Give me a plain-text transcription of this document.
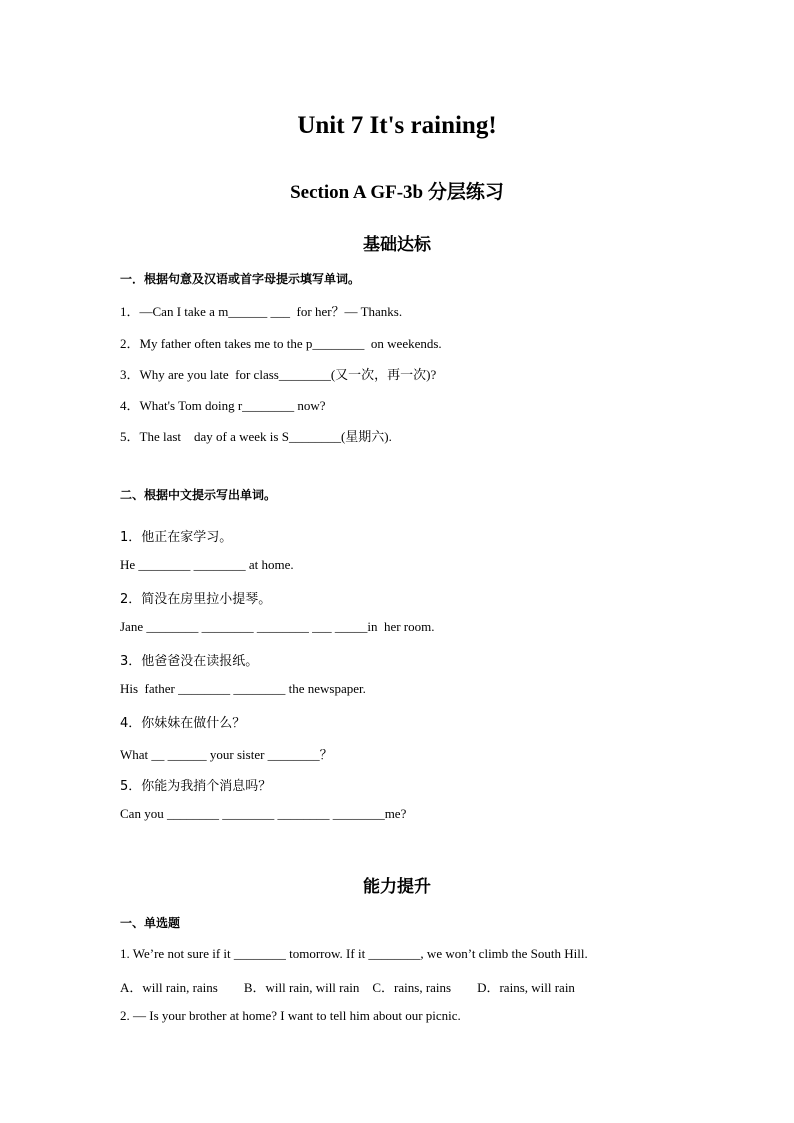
Unit 7 It's raining!
Section A GF-3b 分层练习
基础达标
一．根据句意及汉语或首字母提示填写单词。
1．—Can I take a m______ ___  for her？— Thanks.
2．My father often takes me to the p________  on weekends.
3．Why are you late  for class________(又一次，再一次)?
4．What's Tom doing r________ now?
5．The last    day of a week is S________(星期六).
二、根据中文提示写出单词。
1．他正在家学习。
He ________ ________ at home.
2．简没在房里拉小提琴。
Jane ________ ________ ________ ___ _____in  her room.
3．他爸爸没在读报纸。
His  father ________ ________ the newspaper.
4．你妹妹在做什么？
What __ ______ your sister ________？
5．你能为我捎个消息吗？
Can you ________ ________ ________ ________me?
能力提升
一、单选题
1. We’re not sure if it ________ tomorrow. If it ________, we won’t climb the South Hill.
A．will rain, rains        B．will rain, will rain    C．rains, rains        D．rains, will rain
2. — Is your brother at home? I want to tell him about our picnic.
